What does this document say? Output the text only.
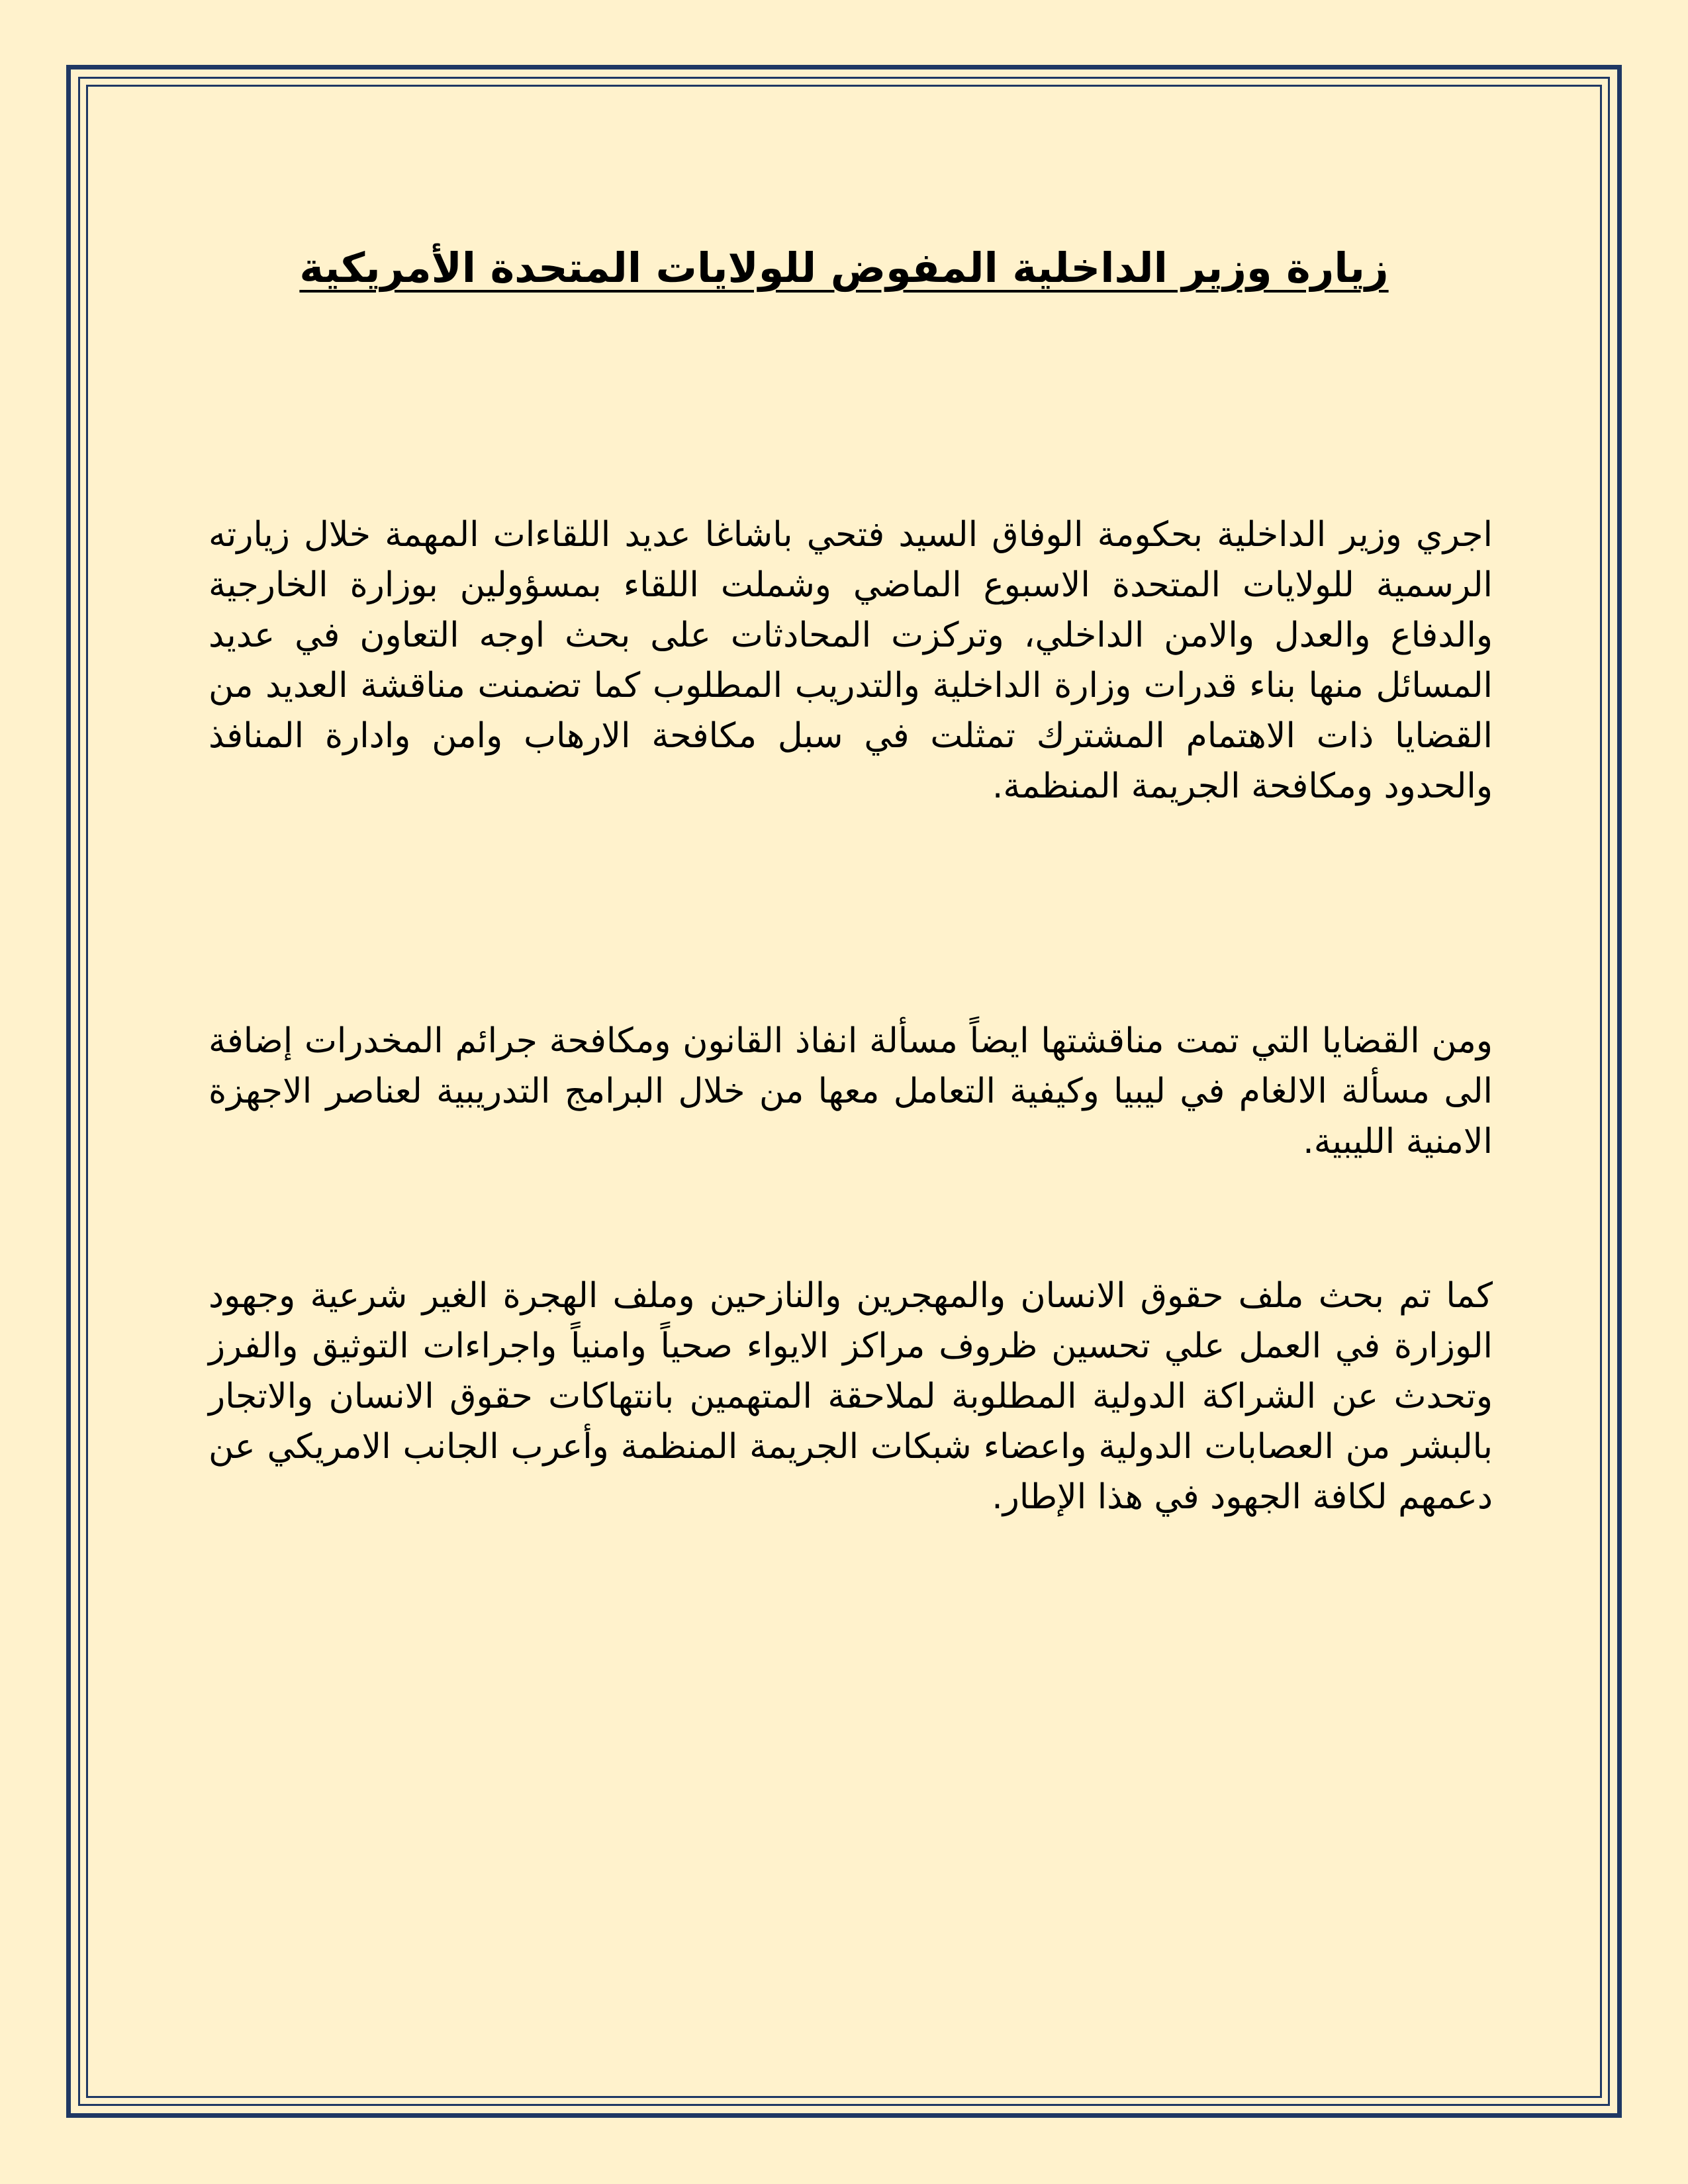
زيارة وزير الداخلية المفوض للولايات المتحدة الأمريكية

اجري وزير الداخلية بحكومة الوفاق السيد فتحي باشاغا عديد اللقاءات المهمة خلال زيارته الرسمية للولايات المتحدة الاسبوع الماضي وشملت اللقاء بمسؤولين بوزارة الخارجية والدفاع والعدل والامن الداخلي، وتركزت المحادثات على بحث اوجه التعاون في عديد المسائل منها بناء قدرات وزارة الداخلية والتدريب المطلوب كما تضمنت مناقشة العديد من القضايا ذات الاهتمام المشترك تمثلت في سبل مكافحة الارهاب وامن وادارة المنافذ والحدود ومكافحة الجريمة المنظمة.

ومن القضايا التي تمت مناقشتها ايضاً مسألة انفاذ القانون ومكافحة جرائم المخدرات إضافة الى مسألة الالغام في ليبيا وكيفية التعامل معها من خلال البرامج التدريبية لعناصر الاجهزة الامنية الليبية.

كما تم بحث ملف حقوق الانسان والمهجرين والنازحين وملف الهجرة الغير شرعية وجهود الوزارة في العمل علي تحسين ظروف مراكز الايواء صحياً وامنياً واجراءات التوثيق والفرز وتحدث عن الشراكة الدولية المطلوبة لملاحقة المتهمين بانتهاكات حقوق الانسان والاتجار بالبشر من العصابات الدولية واعضاء شبكات الجريمة المنظمة وأعرب الجانب الامريكي عن دعمهم لكافة الجهود في هذا الإطار.
